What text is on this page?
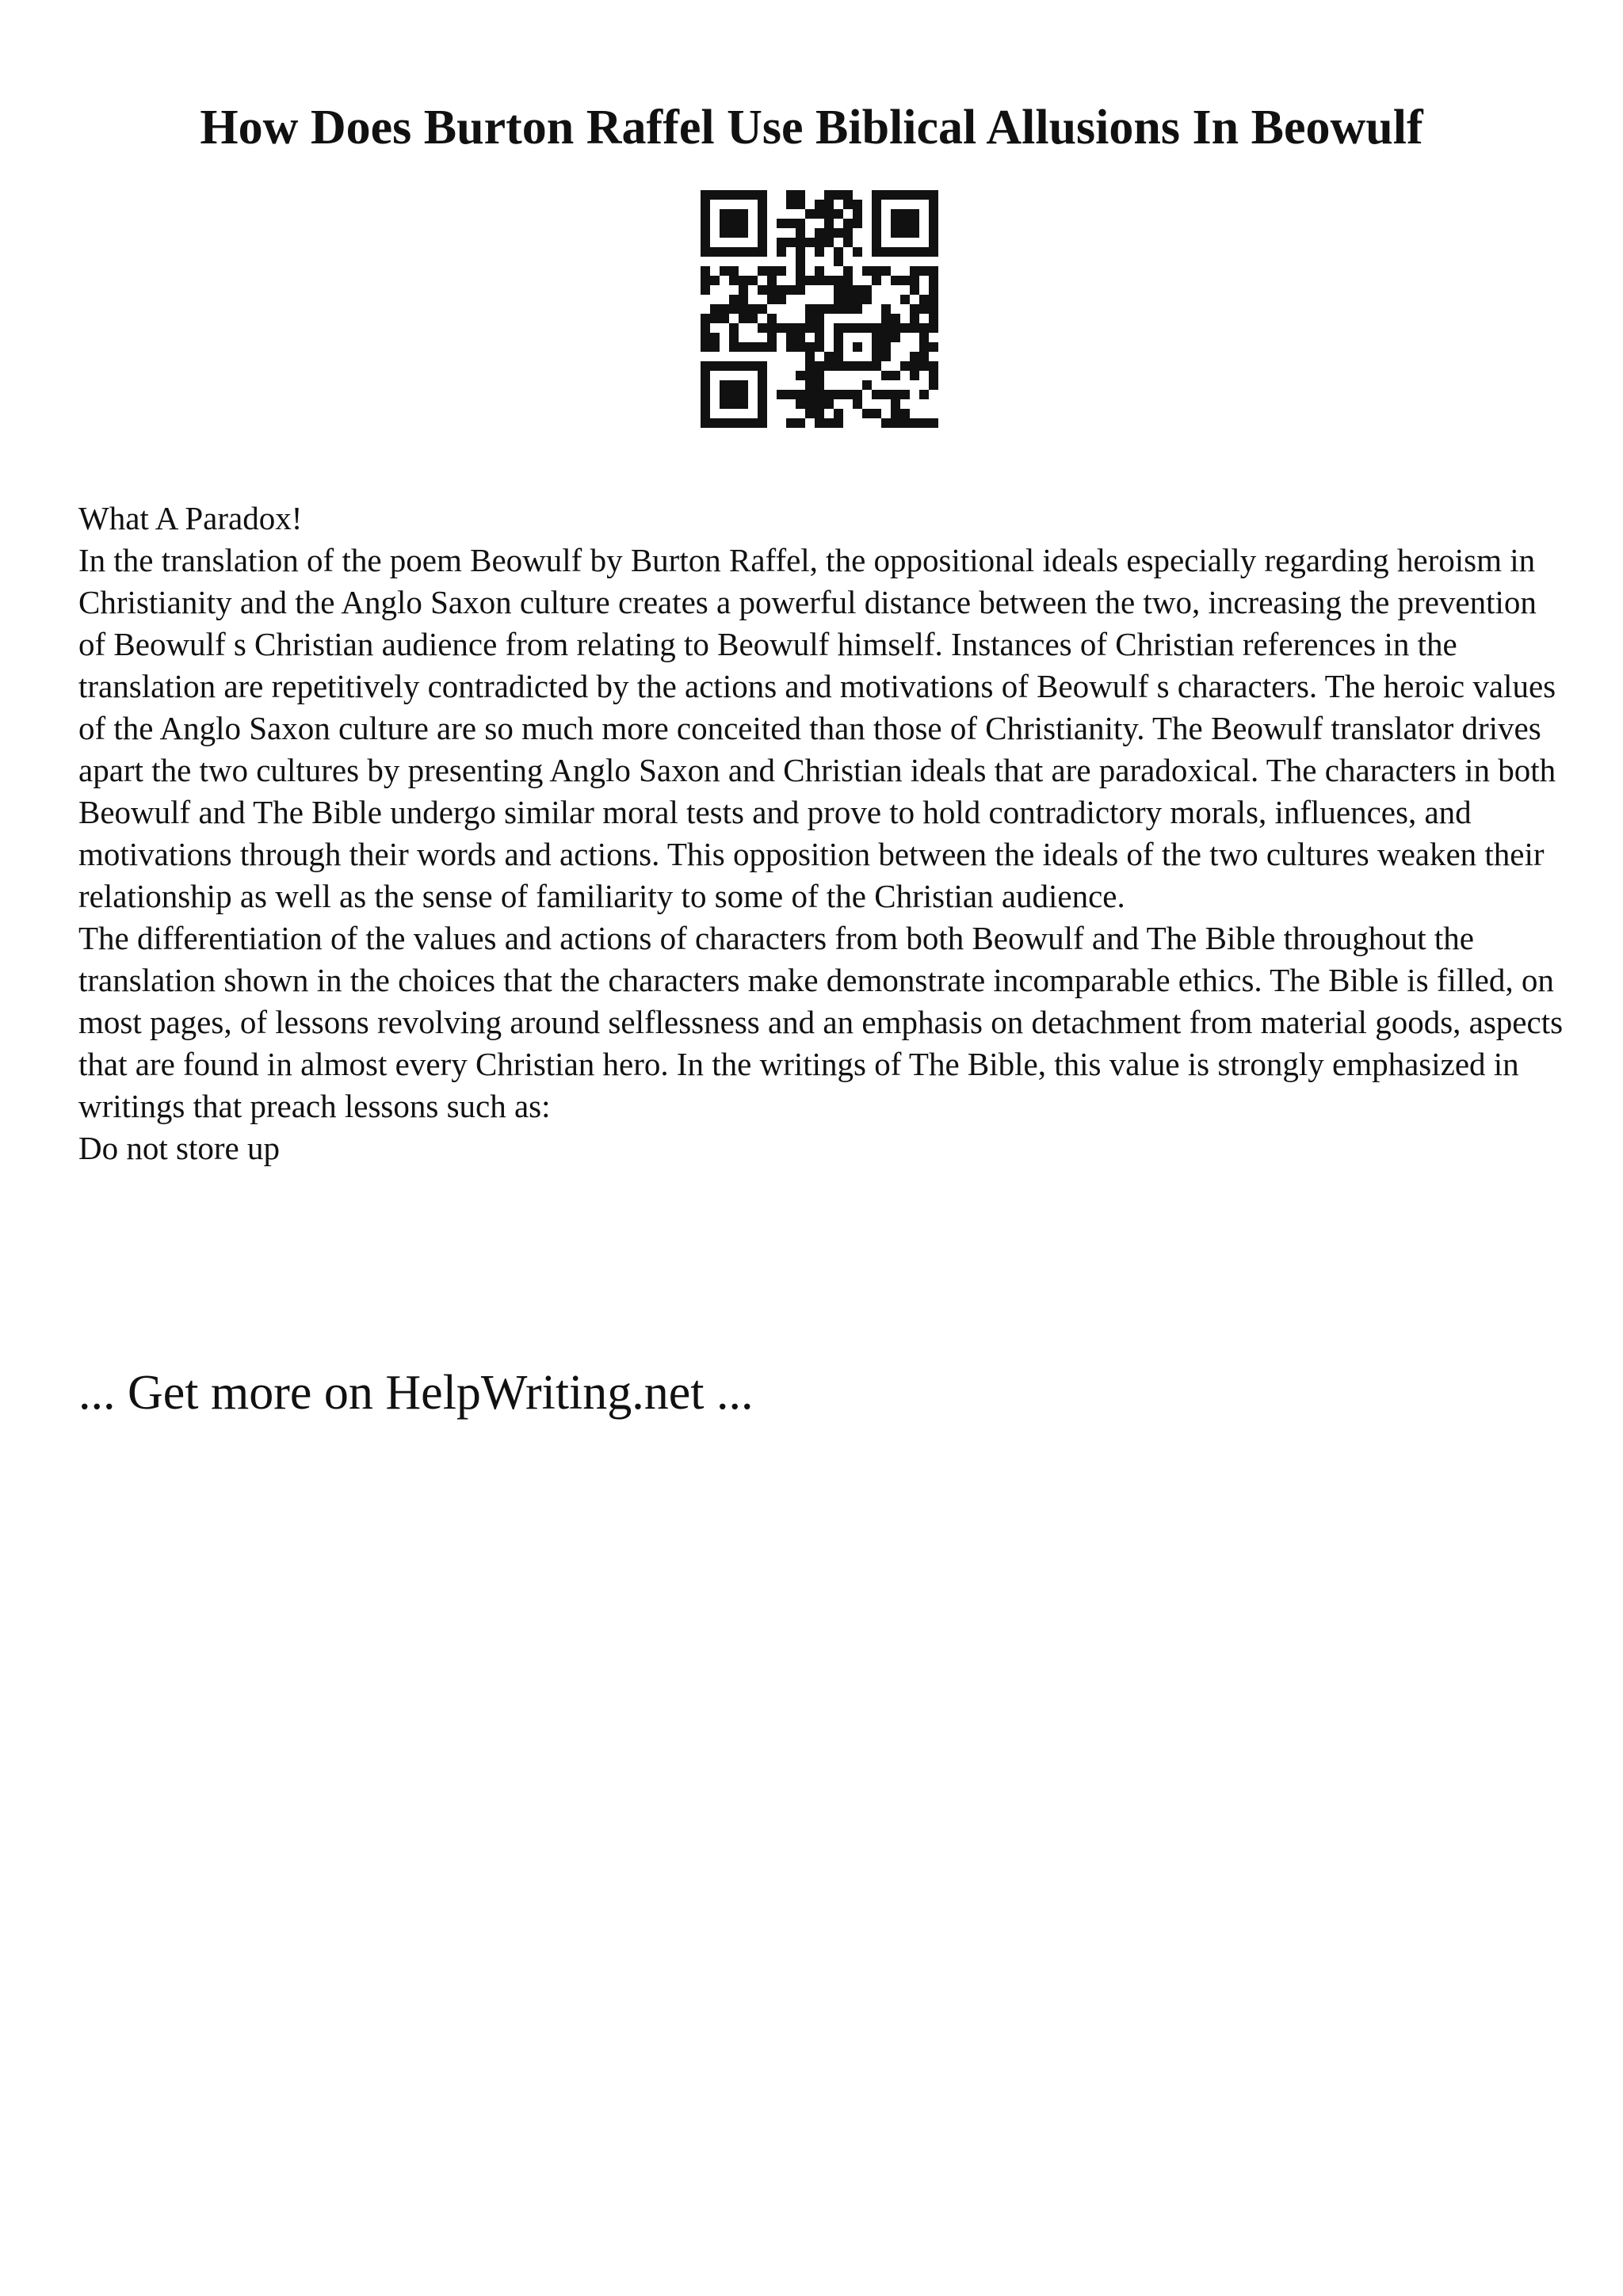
How Does Burton Raffel Use Biblical Allusions In Beowulf

What A Paradox!

In the translation of the poem Beowulf by Burton Raffel, the oppositional ideals especially regarding heroism in Christianity and the Anglo Saxon culture creates a powerful distance between the two, increasing the prevention of Beowulf s Christian audience from relating to Beowulf himself. Instances of Christian references in the translation are repetitively contradicted by the actions and motivations of Beowulf s characters. The heroic values of the Anglo Saxon culture are so much more conceited than those of Christianity. The Beowulf translator drives apart the two cultures by presenting Anglo Saxon and Christian ideals that are paradoxical. The characters in both Beowulf and The Bible undergo similar moral tests and prove to hold contradictory morals, influences, and motivations through their words and actions. This opposition between the ideals of the two cultures weaken their relationship as well as the sense of familiarity to some of the Christian audience.

The differentiation of the values and actions of characters from both Beowulf and The Bible throughout the translation shown in the choices that the characters make demonstrate incomparable ethics. The Bible is filled, on most pages, of lessons revolving around selflessness and an emphasis on detachment from material goods, aspects that are found in almost every Christian hero. In the writings of The Bible, this value is strongly emphasized in writings that preach lessons such as:

Do not store up

... Get more on HelpWriting.net ...
